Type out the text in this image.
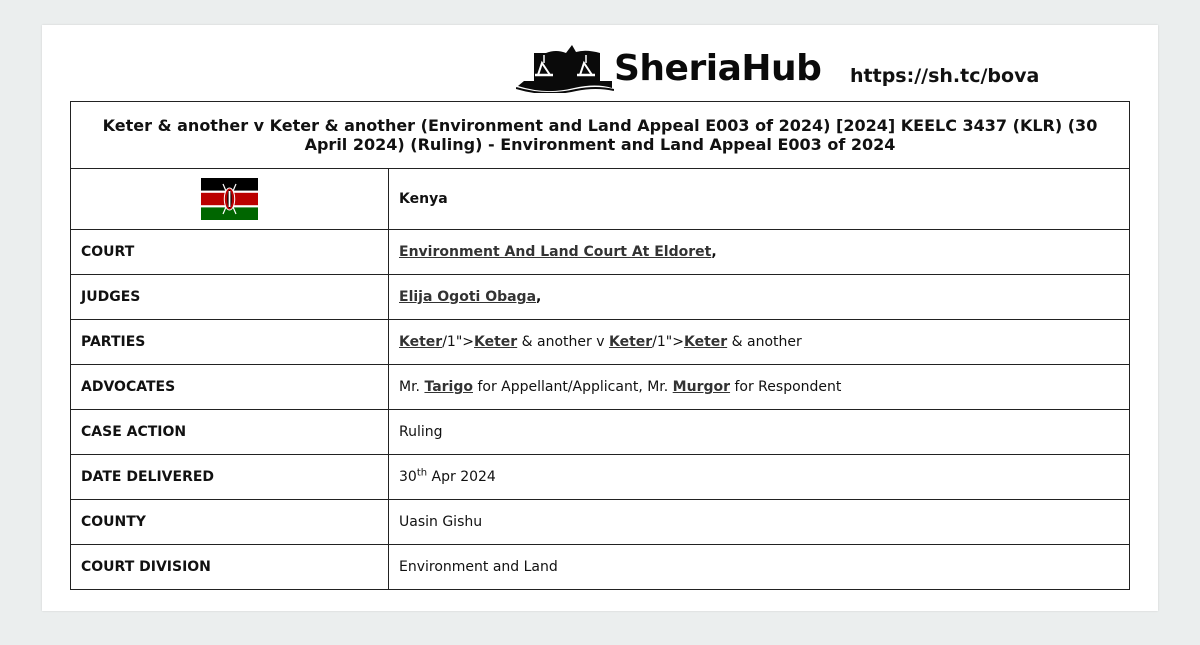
SheriaHub https://sh.tc/bova
Keter & another v Keter & another (Environment and Land Appeal E003 of 2024) [2024] KEELC 3437 (KLR) (30 April 2024) (Ruling) - Environment and Land Appeal E003 of 2024	
	Kenya
COURT	Environment And Land Court At Eldoret,
JUDGES	Elija Ogoti Obaga,
PARTIES	Keter/1">Keter & another v Keter/1">Keter & another
ADVOCATES	Mr. Tarigo for Appellant/Applicant, Mr. Murgor for Respondent
CASE ACTION	Ruling
DATE DELIVERED	30th Apr 2024
COUNTY	Uasin Gishu
COURT DIVISION	Environment and Land
